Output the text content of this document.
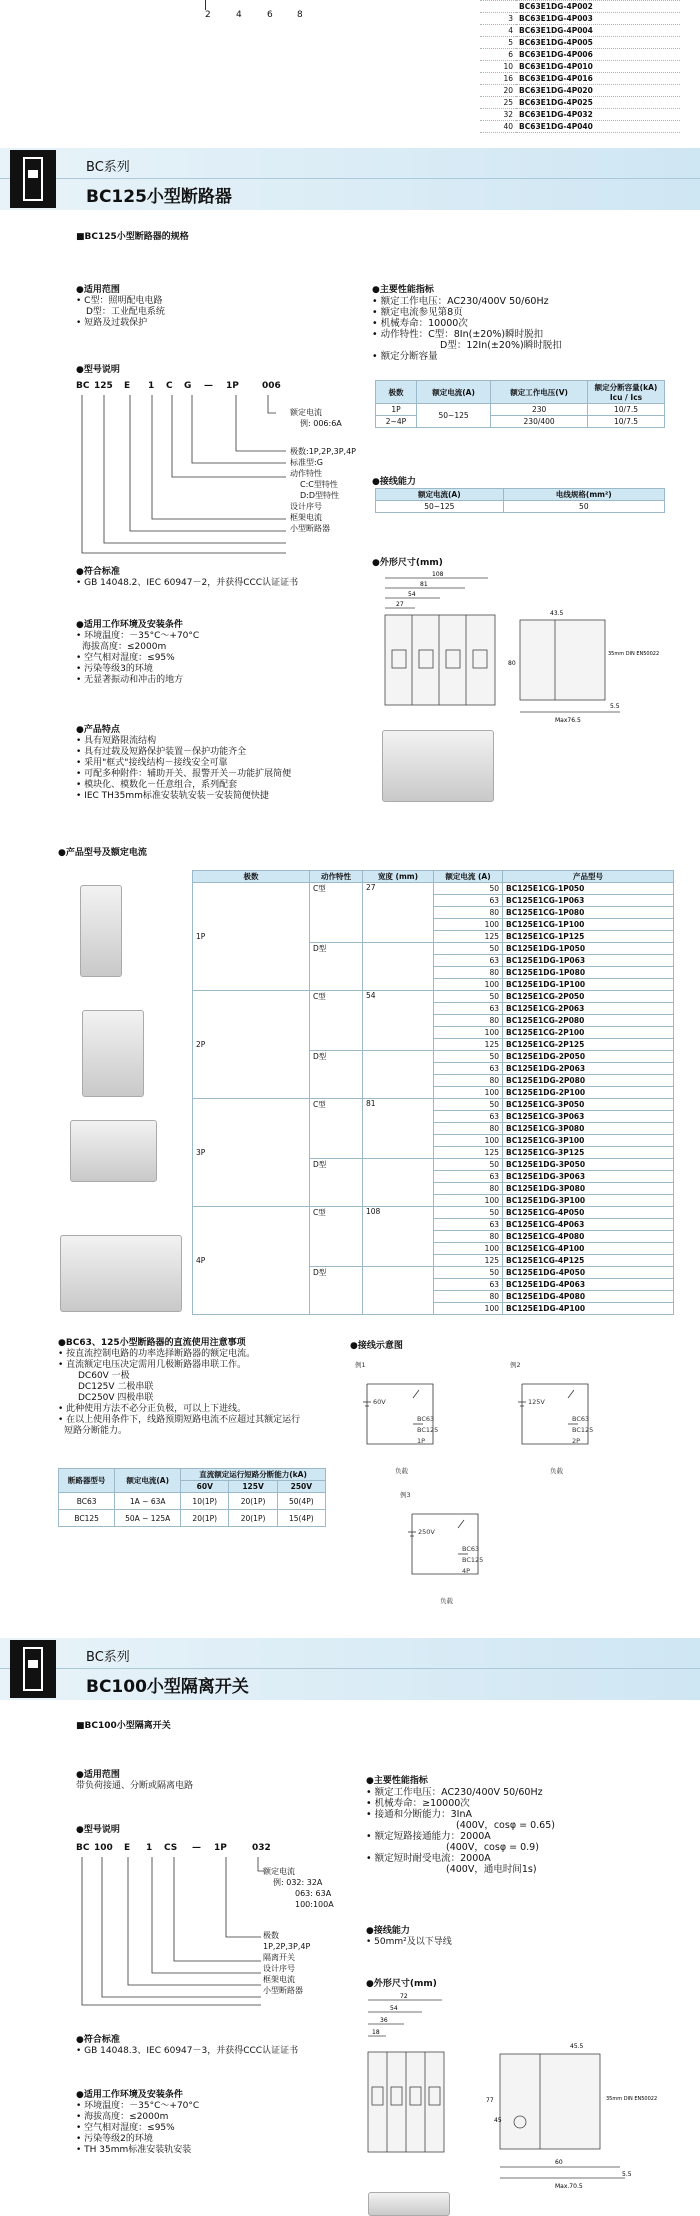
2	4	6	8
	BC63E1DG-4P002
3	BC63E1DG-4P003
4	BC63E1DG-4P004
5	BC63E1DG-4P005
6	BC63E1DG-4P006
10	BC63E1DG-4P010
16	BC63E1DG-4P016
20	BC63E1DG-4P020
25	BC63E1DG-4P025
32	BC63E1DG-4P032
40	BC63E1DG-4P040
BC系列
BC125小型断路器
■BC125小型断路器的规格
●适用范围
• C型：照明配电电路
D型：工业配电系统
• 短路及过载保护
●型号说明
BC 125 E 1 C G — 1P	006
额定电流
例: 006:6A
极数:1P,2P,3P,4P
标准型:G
动作特性
C:C型特性
D:D型特性
设计序号
框架电流
小型断路器
●符合标准
• GB 14048.2、IEC 60947－2，并获得CCC认证证书
●适用工作环境及安装条件
• 环境温度：－35°C～+70°C
海拔高度：≤2000m
• 空气相对湿度：≤95%
• 污染等级3的环境
• 无显著振动和冲击的地方
●产品特点
• 具有短路限流结构
• 具有过载及短路保护装置－保护功能齐全
• 采用"框式"接线结构－接线安全可靠
• 可配多种附件：辅助开关、报警开关－功能扩展简便
• 模块化、模数化－任意组合，系列配套
• IEC TH35mm标准安装轨安装－安装简便快捷
●主要性能指标
• 额定工作电压：AC230/400V 50/60Hz
• 额定电流参见第8页
• 机械寿命：10000次
• 动作特性：C型：8In(±20%)瞬时脱扣
D型：12In(±20%)瞬时脱扣
• 额定分断容量
极数	额定电流(A)	额定工作电压(V)	额定分断容量(kA) Icu / Ics
1P	50~125	230	10/7.5
2~4P		230/400	10/7.5
●接线能力
额定电流(A)	电线规格(mm²)
50~125	50
●外形尺寸(mm)
108
81
54
27
43.5
35mm DIN EN50022
80
5.5
Max76.5
●产品型号及额定电流
极数	动作特性	宽度 (mm)	额定电流 (A)	产品型号
1P	C型	27	50	BC125E1CG-1P050
			63	BC125E1CG-1P063
			80	BC125E1CG-1P080
			100	BC125E1CG-1P100
			125	BC125E1CG-1P125
	D型		50	BC125E1DG-1P050
			63	BC125E1DG-1P063
			80	BC125E1DG-1P080
			100	BC125E1DG-1P100
2P	C型	54	50	BC125E1CG-2P050
			63	BC125E1CG-2P063
			80	BC125E1CG-2P080
			100	BC125E1CG-2P100
			125	BC125E1CG-2P125
	D型		50	BC125E1DG-2P050
			63	BC125E1DG-2P063
			80	BC125E1DG-2P080
			100	BC125E1DG-2P100
3P	C型	81	50	BC125E1CG-3P050
			63	BC125E1CG-3P063
			80	BC125E1CG-3P080
			100	BC125E1CG-3P100
			125	BC125E1CG-3P125
	D型		50	BC125E1DG-3P050
			63	BC125E1DG-3P063
			80	BC125E1DG-3P080
			100	BC125E1DG-3P100
4P	C型	108	50	BC125E1CG-4P050
			63	BC125E1CG-4P063
			80	BC125E1CG-4P080
			100	BC125E1CG-4P100
			125	BC125E1CG-4P125
	D型		50	BC125E1DG-4P050
			63	BC125E1DG-4P063
			80	BC125E1DG-4P080
			100	BC125E1DG-4P100
●BC63、125小型断路器的直流使用注意事项
• 按直流控制电路的功率选择断路器的额定电流。
• 直流额定电压决定需用几极断路器串联工作。
DC60V 一极
DC125V 二极串联
DC250V 四极串联
• 此种使用方法不必分正负极，可以上下进线。
• 在以上使用条件下，线路预期短路电流不应超过其额定运行
短路分断能力。
断路器型号	额定电流(A)	直流额定运行短路分断能力(kA)		
		60V	125V	250V
BC63	1A ~ 63A	10(1P)	20(1P)	50(4P)
BC125	50A ~ 125A	20(1P)	20(1P)	15(4P)
●接线示意图
例1
60V
BC63
BC125
1P
负载
例2
125V
BC63
BC125
2P
负载
例3
250V
BC63
BC125
4P
负载
BC系列
BC100小型隔离开关
■BC100小型隔离开关
●适用范围
带负荷接通、分断或隔离电路
●型号说明
BC 100 E 1 CS — 1P	032
额定电流
例: 032: 32A
063: 63A
100:100A
极数
1P,2P,3P,4P
隔离开关
设计序号
框架电流
小型断路器
●符合标准
• GB 14048.3、IEC 60947－3，并获得CCC认证证书
●适用工作环境及安装条件
• 环境温度：－35°C～+70°C
• 海拔高度：≤2000m
• 空气相对湿度：≤95%
• 污染等级2的环境
• TH 35mm标准安装轨安装
●主要性能指标
• 额定工作电压：AC230/400V 50/60Hz
• 机械寿命：≥10000次
• 接通和分断能力：3InA
(400V，cosφ = 0.65)
• 额定短路接通能力：2000A
(400V，cosφ = 0.9)
• 额定短时耐受电流：2000A
(400V，通电时间1s)
●接线能力
• 50mm²及以下导线
●外形尺寸(mm)
72
54
36
18
45.5
35mm DIN EN50022
77
45
60
5.5
Max.70.5
